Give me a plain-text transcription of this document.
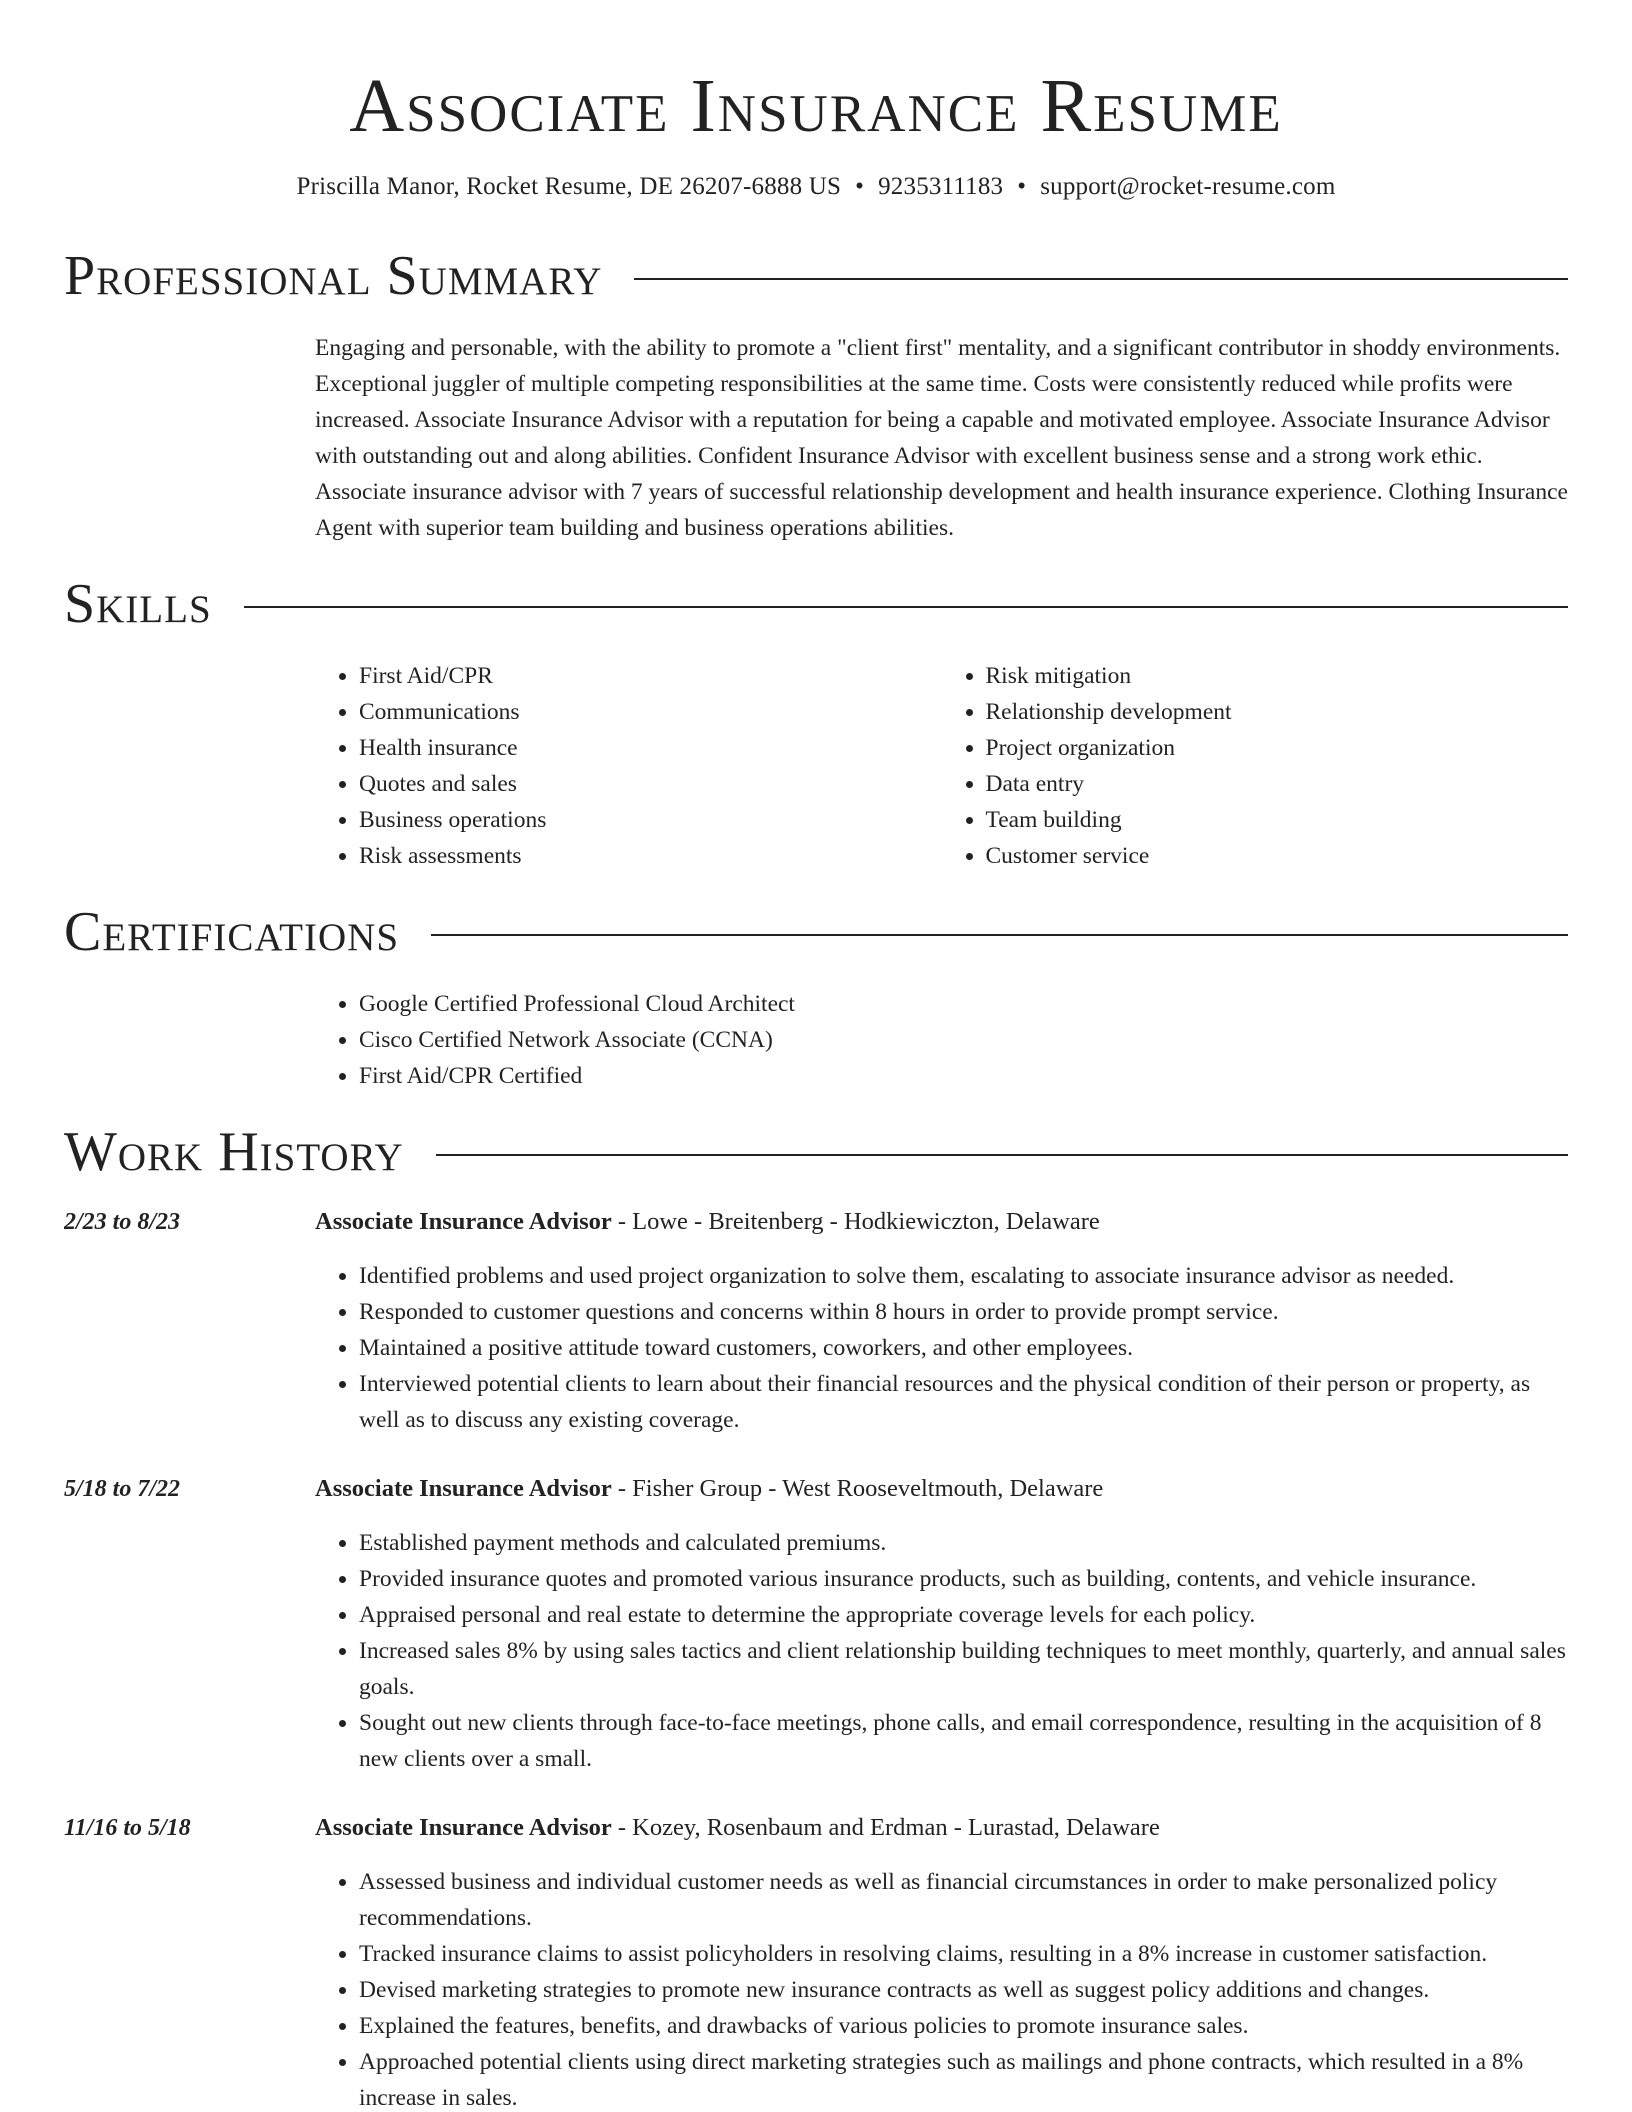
Associate Insurance Resume
Priscilla Manor, Rocket Resume, DE 26207-6888 US • 9235311183 • support@rocket-resume.com
Professional Summary

Engaging and personable, with the ability to promote a "client first" mentality, and a significant contributor in shoddy environments. Exceptional juggler of multiple competing responsibilities at the same time. Costs were consistently reduced while profits were increased. Associate Insurance Advisor with a reputation for being a capable and motivated employee. Associate Insurance Advisor with outstanding out and along abilities. Confident Insurance Advisor with excellent business sense and a strong work ethic. Associate insurance advisor with 7 years of successful relationship development and health insurance experience. Clothing Insurance Agent with superior team building and business operations abilities.

Skills
• First Aid/CPR
• Communications
• Health insurance
• Quotes and sales
• Business operations
• Risk assessments
• Risk mitigation
• Relationship development
• Project organization
• Data entry
• Team building
• Customer service
Certifications
• Google Certified Professional Cloud Architect
• Cisco Certified Network Associate (CCNA)
• First Aid/CPR Certified
Work History
2/23 to 8/23	Associate Insurance Advisor - Lowe - Breitenberg - Hodkiewiczton, Delaware
• Identified problems and used project organization to solve them, escalating to associate insurance advisor as needed.
• Responded to customer questions and concerns within 8 hours in order to provide prompt service.
• Maintained a positive attitude toward customers, coworkers, and other employees.
• Interviewed potential clients to learn about their financial resources and the physical condition of their person or property, as well as to discuss any existing coverage.
5/18 to 7/22	Associate Insurance Advisor - Fisher Group - West Rooseveltmouth, Delaware
• Established payment methods and calculated premiums.
• Provided insurance quotes and promoted various insurance products, such as building, contents, and vehicle insurance.
• Appraised personal and real estate to determine the appropriate coverage levels for each policy.
• Increased sales 8% by using sales tactics and client relationship building techniques to meet monthly, quarterly, and annual sales goals.
• Sought out new clients through face-to-face meetings, phone calls, and email correspondence, resulting in the acquisition of 8 new clients over a small.
11/16 to 5/18	Associate Insurance Advisor - Kozey, Rosenbaum and Erdman - Lurastad, Delaware
• Assessed business and individual customer needs as well as financial circumstances in order to make personalized policy recommendations.
• Tracked insurance claims to assist policyholders in resolving claims, resulting in a 8% increase in customer satisfaction.
• Devised marketing strategies to promote new insurance contracts as well as suggest policy additions and changes.
• Explained the features, benefits, and drawbacks of various policies to promote insurance sales.
• Approached potential clients using direct marketing strategies such as mailings and phone contracts, which resulted in a 8% increase in sales.
